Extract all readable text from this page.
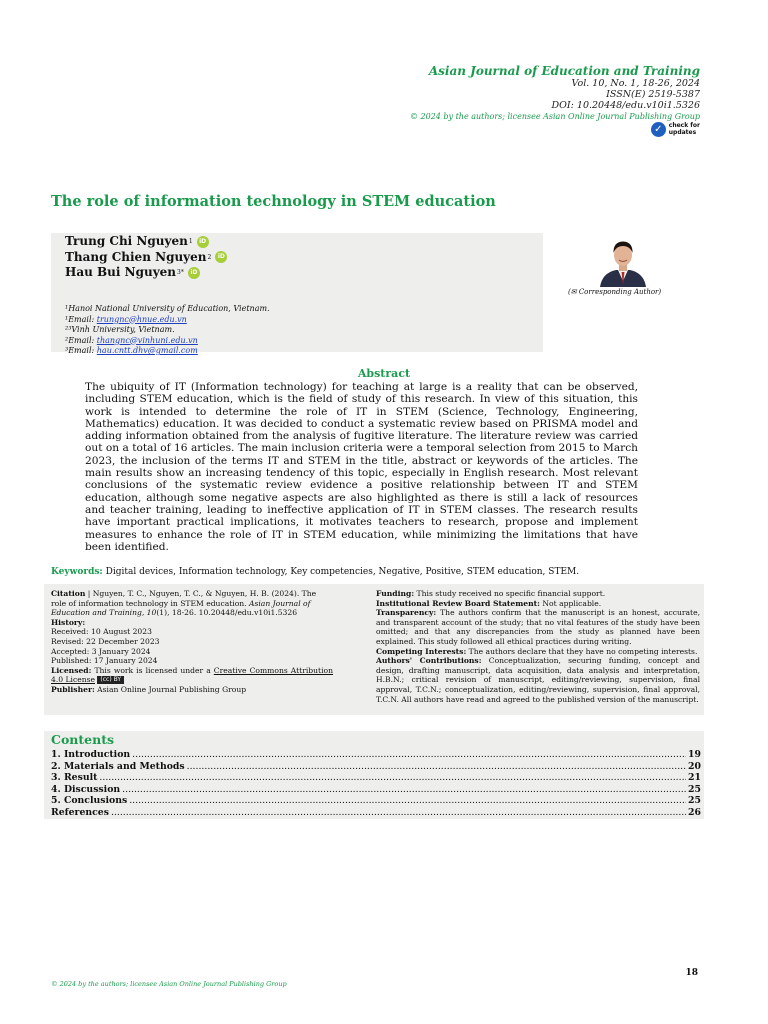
Asian Journal of Education and Training
Vol. 10, No. 1, 18-26, 2024
ISSN(E) 2519-5387
DOI: 10.20448/edu.v10i1.5326
© 2024 by the authors; licensee Asian Online Journal Publishing Group
✓	check for
updates
The role of information technology in STEM education
Trung Chi Nguyen 1	iD
Thang Chien Nguyen 2	iD
Hau Bui Nguyen 3*	iD
¹Hanoi National University of Education, Vietnam.
¹Email: trungnc@hnue.edu.vn
²³Vinh University, Vietnam.
²Email: thangnc@vinhuni.edu.vn
³Email: hau.cntt.dhv@gmail.com
(✉ Corresponding Author)
Abstract
The ubiquity of IT (Information technology) for teaching at large is a reality that can be observed, including STEM education, which is the field of study of this research. In view of this situation, this work is intended to determine the role of IT in STEM (Science, Technology, Engineering, Mathematics) education. It was decided to conduct a systematic review based on PRISMA model and adding information obtained from the analysis of fugitive literature. The literature review was carried out on a total of 16 articles. The main inclusion criteria were a temporal selection from 2015 to March 2023, the inclusion of the terms IT and STEM in the title, abstract or keywords of the articles. The main results show an increasing tendency of this topic, especially in English research. Most relevant conclusions of the systematic review evidence a positive relationship between IT and STEM education, although some negative aspects are also highlighted as there is still a lack of resources and teacher training, leading to ineffective application of IT in STEM classes. The research results have important practical implications, it motivates teachers to research, propose and implement measures to enhance the role of IT in STEM education, while minimizing the limitations that have been identified.
Keywords: Digital devices, Information technology, Key competencies, Negative, Positive, STEM education, STEM.
Citation | Nguyen, T. C., Nguyen, T. C., & Nguyen, H. B. (2024). The role of information technology in STEM education. Asian Journal of Education and Training, 10(1), 18-26. 10.20448/edu.v10i1.5326
History:
Received: 10 August 2023
Revised: 22 December 2023
Accepted: 3 January 2024
Published: 17 January 2024
Licensed: This work is licensed under a Creative Commons Attribution 4.0 License (cc) BY
Publisher: Asian Online Journal Publishing Group
Funding: This study received no specific financial support.
Institutional Review Board Statement: Not applicable.
Transparency: The authors confirm that the manuscript is an honest, accurate, and transparent account of the study; that no vital features of the study have been omitted; and that any discrepancies from the study as planned have been explained. This study followed all ethical practices during writing.
Competing Interests: The authors declare that they have no competing interests.
Authors' Contributions: Conceptualization, securing funding, concept and design, drafting manuscript, data acquisition, data analysis and interpretation, H.B.N.; critical revision of manuscript, editing/reviewing, supervision, final approval, T.C.N.; conceptualization, editing/reviewing, supervision, final approval, T.C.N. All authors have read and agreed to the published version of the manuscript.
Contents
1. Introduction .....	19
2. Materials and Methods .....	20
3. Result .....	21
4. Discussion .....	25
5. Conclusions .....	25
References .....	26
18
© 2024 by the authors; licensee Asian Online Journal Publishing Group
